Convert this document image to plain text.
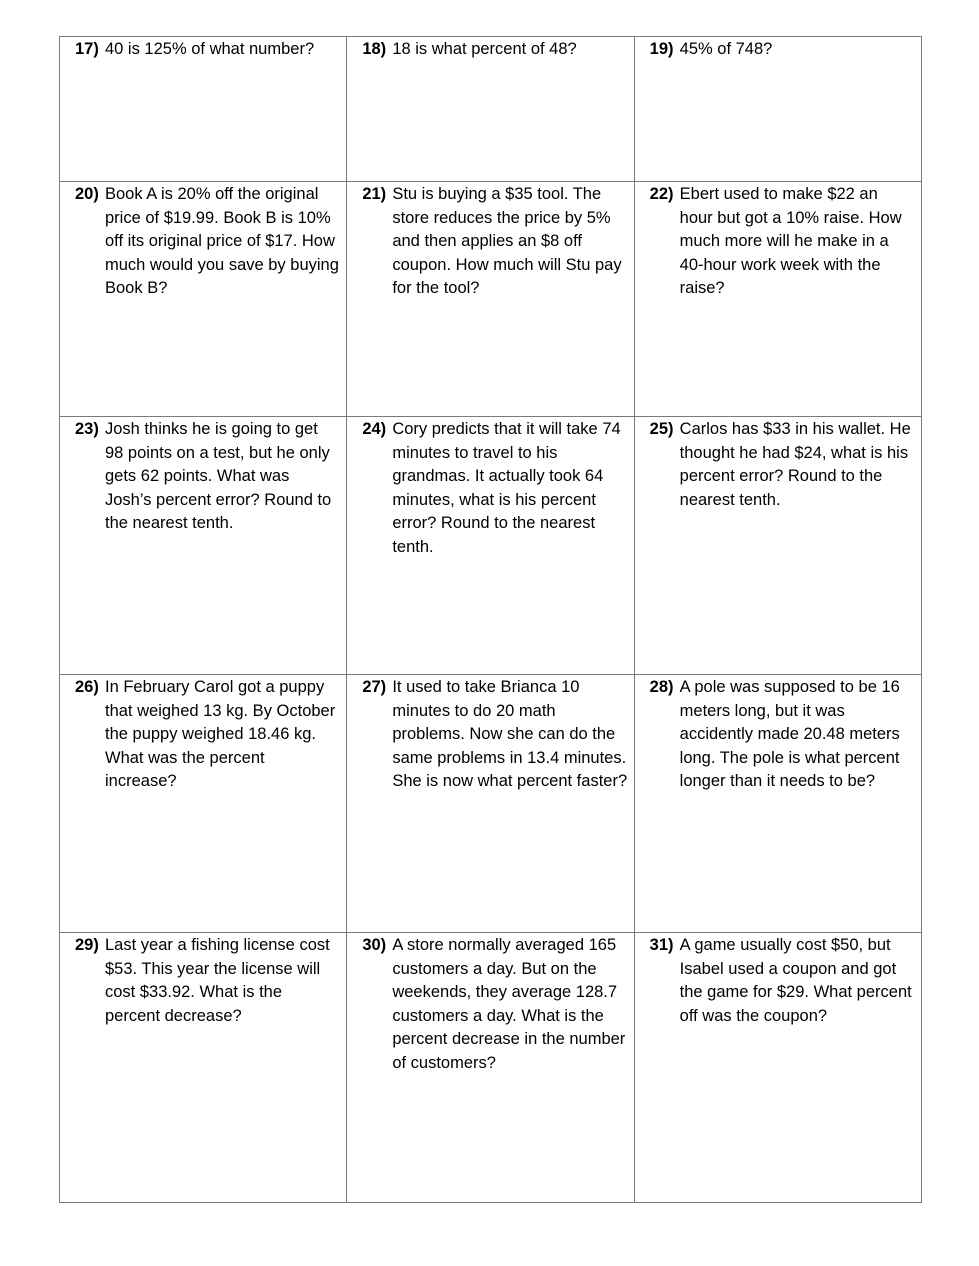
17) 40 is 125% of what number?	18) 18 is what percent of 48?	19) 45% of 748?

20) Book A is 20% off the original price of $19.99. Book B is 10% off its original price of $17. How much would you save by buying Book B?	21) Stu is buying a $35 tool. The store reduces the price by 5% and then applies an $8 off coupon. How much will Stu pay for the tool?	22) Ebert used to make $22 an hour but got a 10% raise. How much more will he make in a 40-hour work week with the raise?

23) Josh thinks he is going to get 98 points on a test, but he only gets 62 points. What was Josh’s percent error? Round to the nearest tenth.	24) Cory predicts that it will take 74 minutes to travel to his grandmas. It actually took 64 minutes, what is his percent error? Round to the nearest tenth.	25) Carlos has $33 in his wallet. He thought he had $24, what is his percent error? Round to the nearest tenth.

26) In February Carol got a puppy that weighed 13 kg. By October the puppy weighed 18.46 kg. What was the percent increase?	27) It used to take Brianca 10 minutes to do 20 math problems. Now she can do the same problems in 13.4 minutes. She is now what percent faster?	28) A pole was supposed to be 16 meters long, but it was accidently made 20.48 meters long. The pole is what percent longer than it needs to be?

29) Last year a fishing license cost $53. This year the license will cost $33.92. What is the percent decrease?	30) A store normally averaged 165 customers a day. But on the weekends, they average 128.7 customers a day. What is the percent decrease in the number of customers?	31) A game usually cost $50, but Isabel used a coupon and got the game for $29. What percent off was the coupon?
